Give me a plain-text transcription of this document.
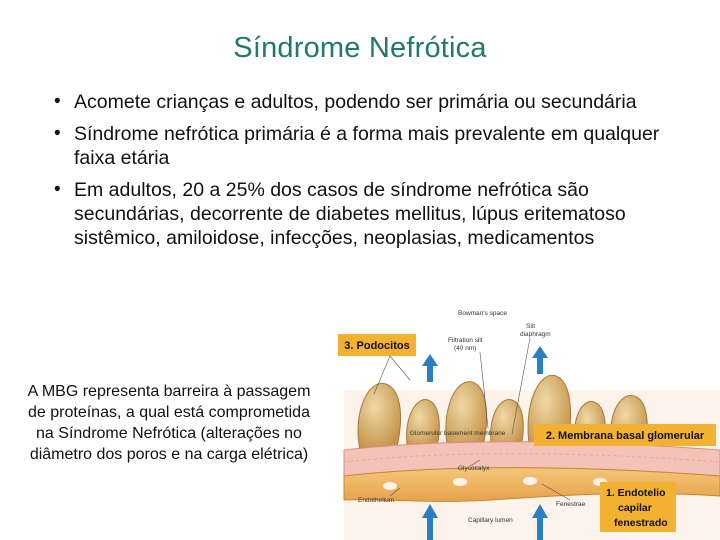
Síndrome Nefrótica
• Acomete crianças e adultos, podendo ser primária ou secundária
• Síndrome nefrótica primária é a forma mais prevalente em qualquer faixa etária
• Em adultos, 20 a 25% dos casos de síndrome nefrótica são secundárias, decorrente de diabetes mellitus, lúpus eritematoso sistêmico, amiloidose, infecções, neoplasias, medicamentos
A MBG representa barreira à passagem de proteínas, a qual está comprometida na Síndrome Nefrótica (alterações no diâmetro dos poros e na carga elétrica)
3. Podocitos
2. Membrana basal glomerular
1. Endotelio
capilar
fenestrado
Bowman's space
Filtration slit
(40 nm)
Slit
diaphragm
Glomerular basement membrane
Glycocalyx
Endothelium
Fenestrae
Capillary lumen
